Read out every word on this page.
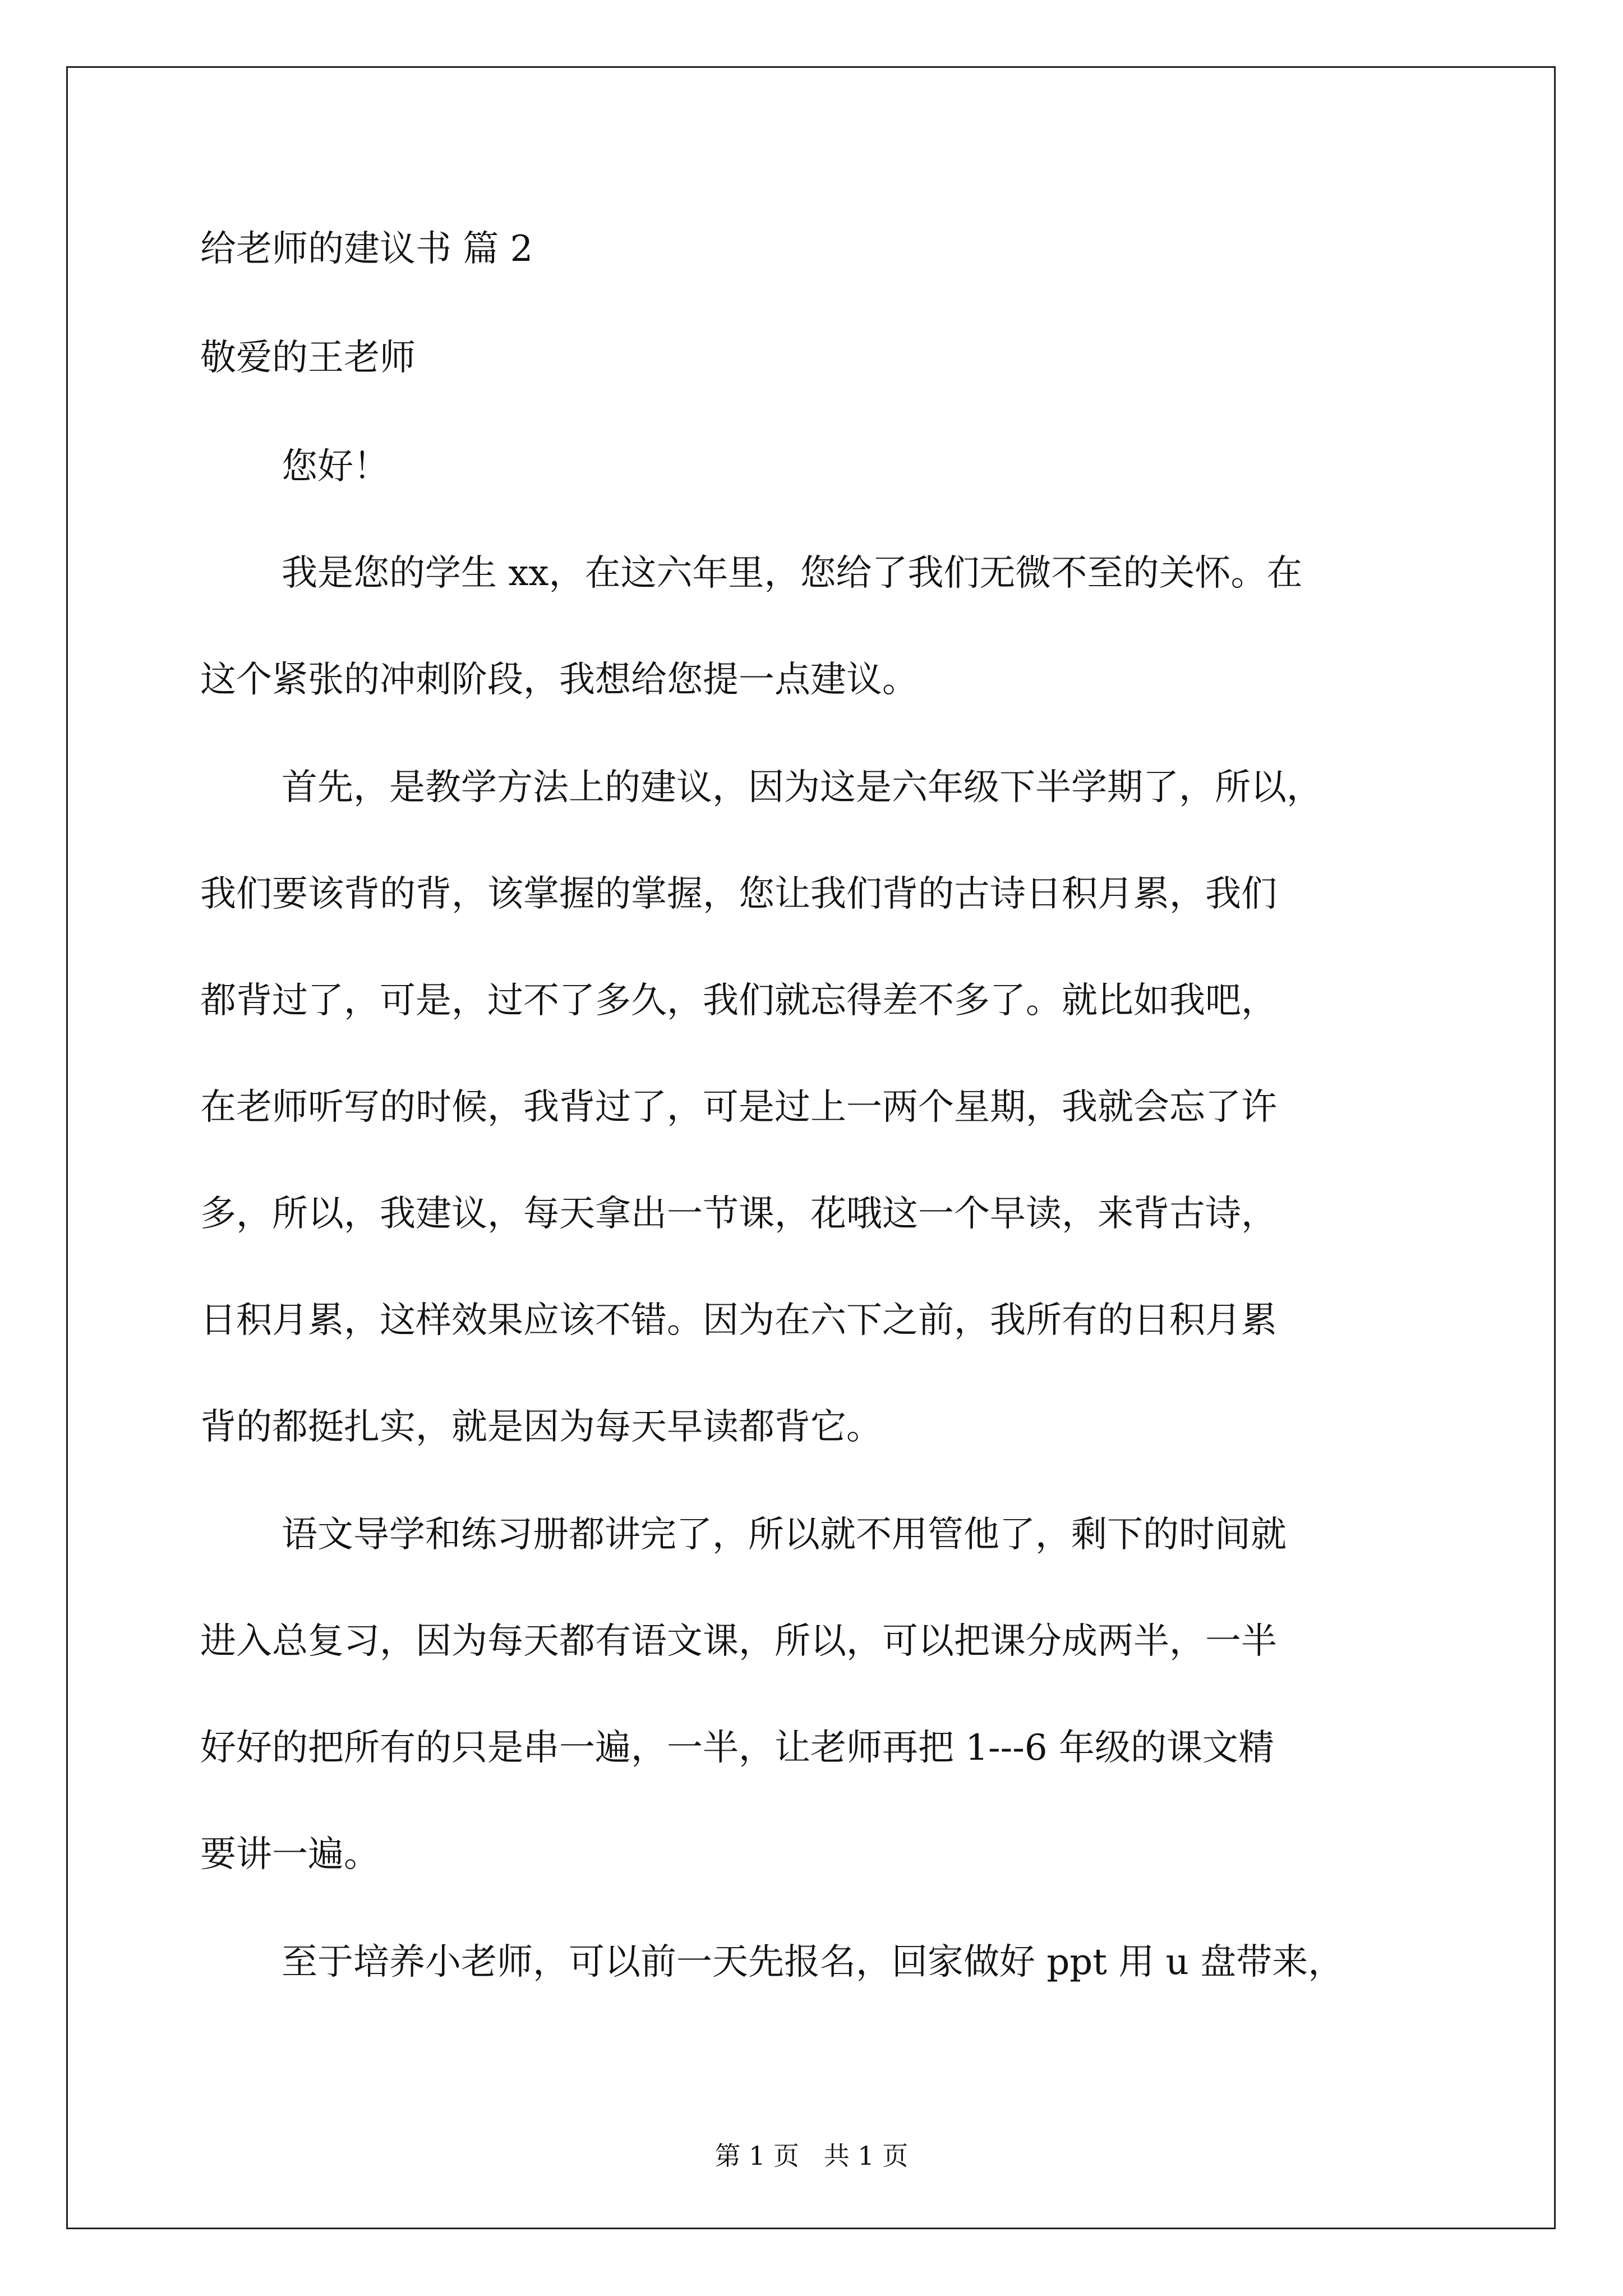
给老师的建议书 篇 2
敬爱的王老师
您好！
我是您的学生 xx，在这六年里，您给了我们无微不至的关怀。在
这个紧张的冲刺阶段，我想给您提一点建议。
首先，是教学方法上的建议，因为这是六年级下半学期了，所以，
我们要该背的背，该掌握的掌握，您让我们背的古诗日积月累，我们
都背过了，可是，过不了多久，我们就忘得差不多了。就比如我吧，
在老师听写的时候，我背过了，可是过上一两个星期，我就会忘了许
多，所以，我建议，每天拿出一节课，花哦这一个早读，来背古诗，
日积月累，这样效果应该不错。因为在六下之前，我所有的日积月累
背的都挺扎实，就是因为每天早读都背它。
语文导学和练习册都讲完了，所以就不用管他了，剩下的时间就
进入总复习，因为每天都有语文课，所以，可以把课分成两半，一半
好好的把所有的只是串一遍，一半，让老师再把 1---6 年级的课文精
要讲一遍。
至于培养小老师，可以前一天先报名，回家做好 ppt 用 u 盘带来，
第 1 页   共 1 页
